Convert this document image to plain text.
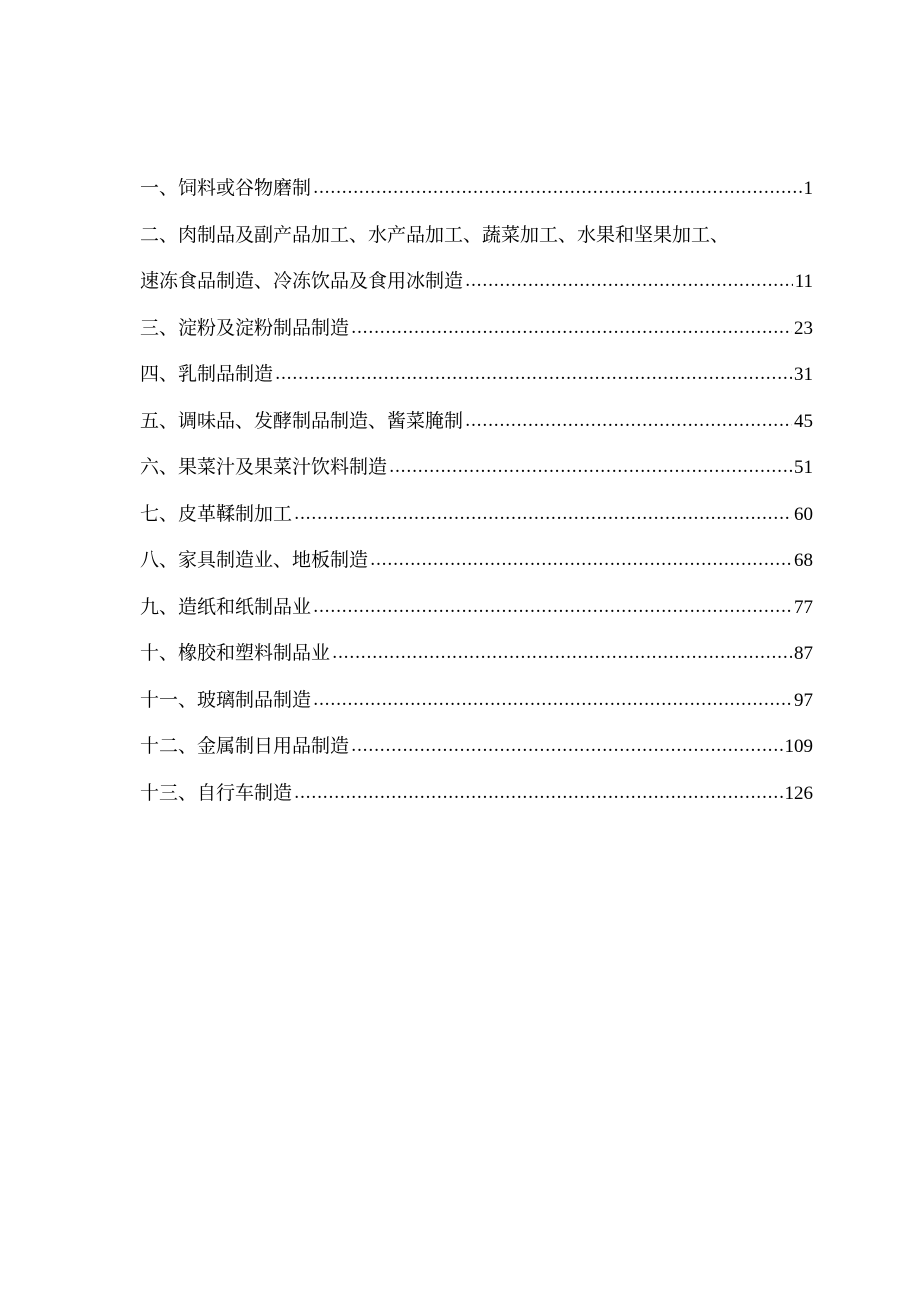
一、饲料或谷物磨制 .....	1
二、肉制品及副产品加工、水产品加工、蔬菜加工、水果和坚果加工、
速冻食品制造、冷冻饮品及食用冰制造 .....	11
三、淀粉及淀粉制品制造 .....	23
四、乳制品制造 .....	31
五、调味品、发酵制品制造、酱菜腌制 .....	45
六、果菜汁及果菜汁饮料制造 .....	51
七、皮革鞣制加工 .....	60
八、家具制造业、地板制造 .....	68
九、造纸和纸制品业 .....	77
十、橡胶和塑料制品业 .....	87
十一、玻璃制品制造 .....	97
十二、金属制日用品制造 .....	109
十三、自行车制造 .....	126
